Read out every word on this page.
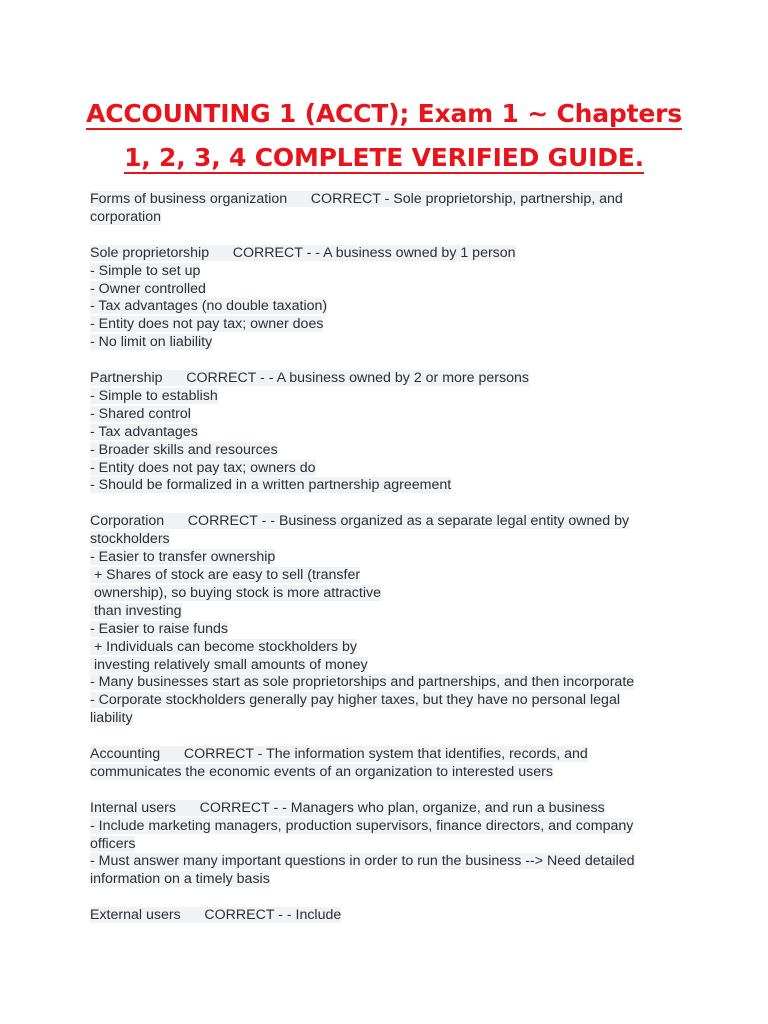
ACCOUNTING 1 (ACCT); Exam 1 ~ Chapters
1, 2, 3, 4 COMPLETE VERIFIED GUIDE.
Forms of business organization      CORRECT - Sole proprietorship, partnership, and
corporation
Sole proprietorship      CORRECT - - A business owned by 1 person
- Simple to set up
- Owner controlled
- Tax advantages (no double taxation)
- Entity does not pay tax; owner does
- No limit on liability
Partnership      CORRECT - - A business owned by 2 or more persons
- Simple to establish
- Shared control
- Tax advantages
- Broader skills and resources
- Entity does not pay tax; owners do
- Should be formalized in a written partnership agreement
Corporation      CORRECT - - Business organized as a separate legal entity owned by
stockholders
- Easier to transfer ownership
+ Shares of stock are easy to sell (transfer
ownership), so buying stock is more attractive
than investing
- Easier to raise funds
+ Individuals can become stockholders by
investing relatively small amounts of money
- Many businesses start as sole proprietorships and partnerships, and then incorporate
- Corporate stockholders generally pay higher taxes, but they have no personal legal
liability
Accounting      CORRECT - The information system that identifies, records, and
communicates the economic events of an organization to interested users
Internal users      CORRECT - - Managers who plan, organize, and run a business
- Include marketing managers, production supervisors, finance directors, and company
officers
- Must answer many important questions in order to run the business --> Need detailed
information on a timely basis
External users      CORRECT - - Include
